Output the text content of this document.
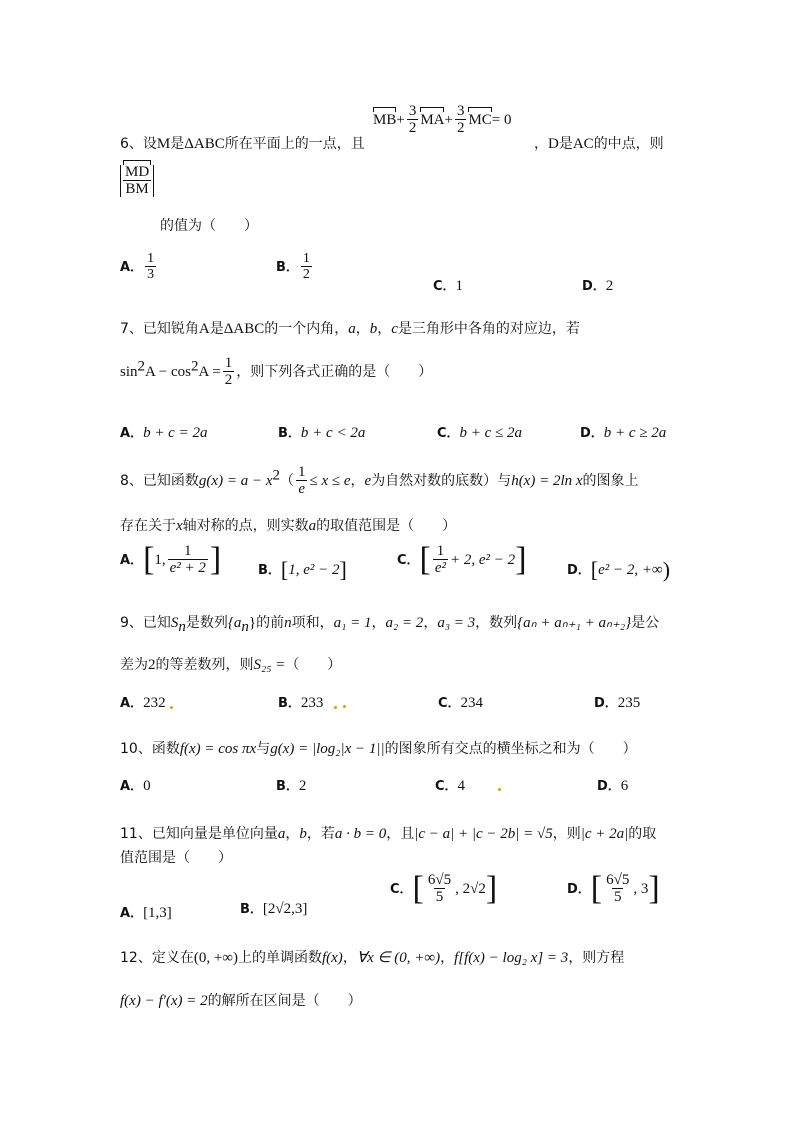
$MB+ \frac{3}{2} MA+ \frac{3}{2} MC= 0$
6、设M是ΔABC所在平面上的一点，且	，D是AC的中点，则
$\frac{MD}{BM}$
的值为（　　）
A． $\frac{1}{3}$	B． $\frac{1}{2}$
C．1	D．2
7、已知锐角A是ΔABC的一个内角，a，b，c是三角形中各角的对应边，若
$\sin^2A - \cos^2A = \frac{1}{2}$ ，则下列各式正确的是（　　）
A．b + c = 2a	B．b + c < 2a	C．b + c ≤ 2a	D．b + c ≥ 2a
8、已知函数$g(x) = a - x^2( \frac{1}{e} \le x \le e$，e为自然对数的底数）与h(x) = 2ln x的图象上
存在关于x轴对称的点，则实数a的取值范围是（　　）
A．[1, $\frac{1}{\text{e² + 2}}$ ]	B．[1, e² − 2]	C．[ $\frac{1}{\text{e²}} + 2$, e² − 2]	D．[e² − 2, +∞)
9、已知$S_n$是数列$\{a_n\}$的前n项和，a₁ = 1，a₂ = 2，a₃ = 3，数列{aₙ + aₙ₊₁ + aₙ₊₂}是公
差为2的等差数列，则S₂₅ =（　　）
A．232	B．233	C．234	D．235
10、函数f(x) = cos πx与g(x) = |log₂|x − 1||的图象所有交点的横坐标之和为（　　）
A．0	B．2	C．4	D．6
11、已知向量是单位向量a，b，若a · b = 0，且|c − a| + |c − 2b| = √5，则|c + 2a|的取
值范围是（　　）
A．[1,3]	B．[2√2,3]
C．[ $\frac{6√5}{5}$ , 2√2]	D．[ $\frac{6√5}{5}$ , 3]
12、定义在(0, +∞)上的单调函数f(x)，∀x ∈ (0, +∞)，f[f(x) − log₂ x] = 3，则方程
f(x) − f′(x) = 2的解所在区间是（　　）
